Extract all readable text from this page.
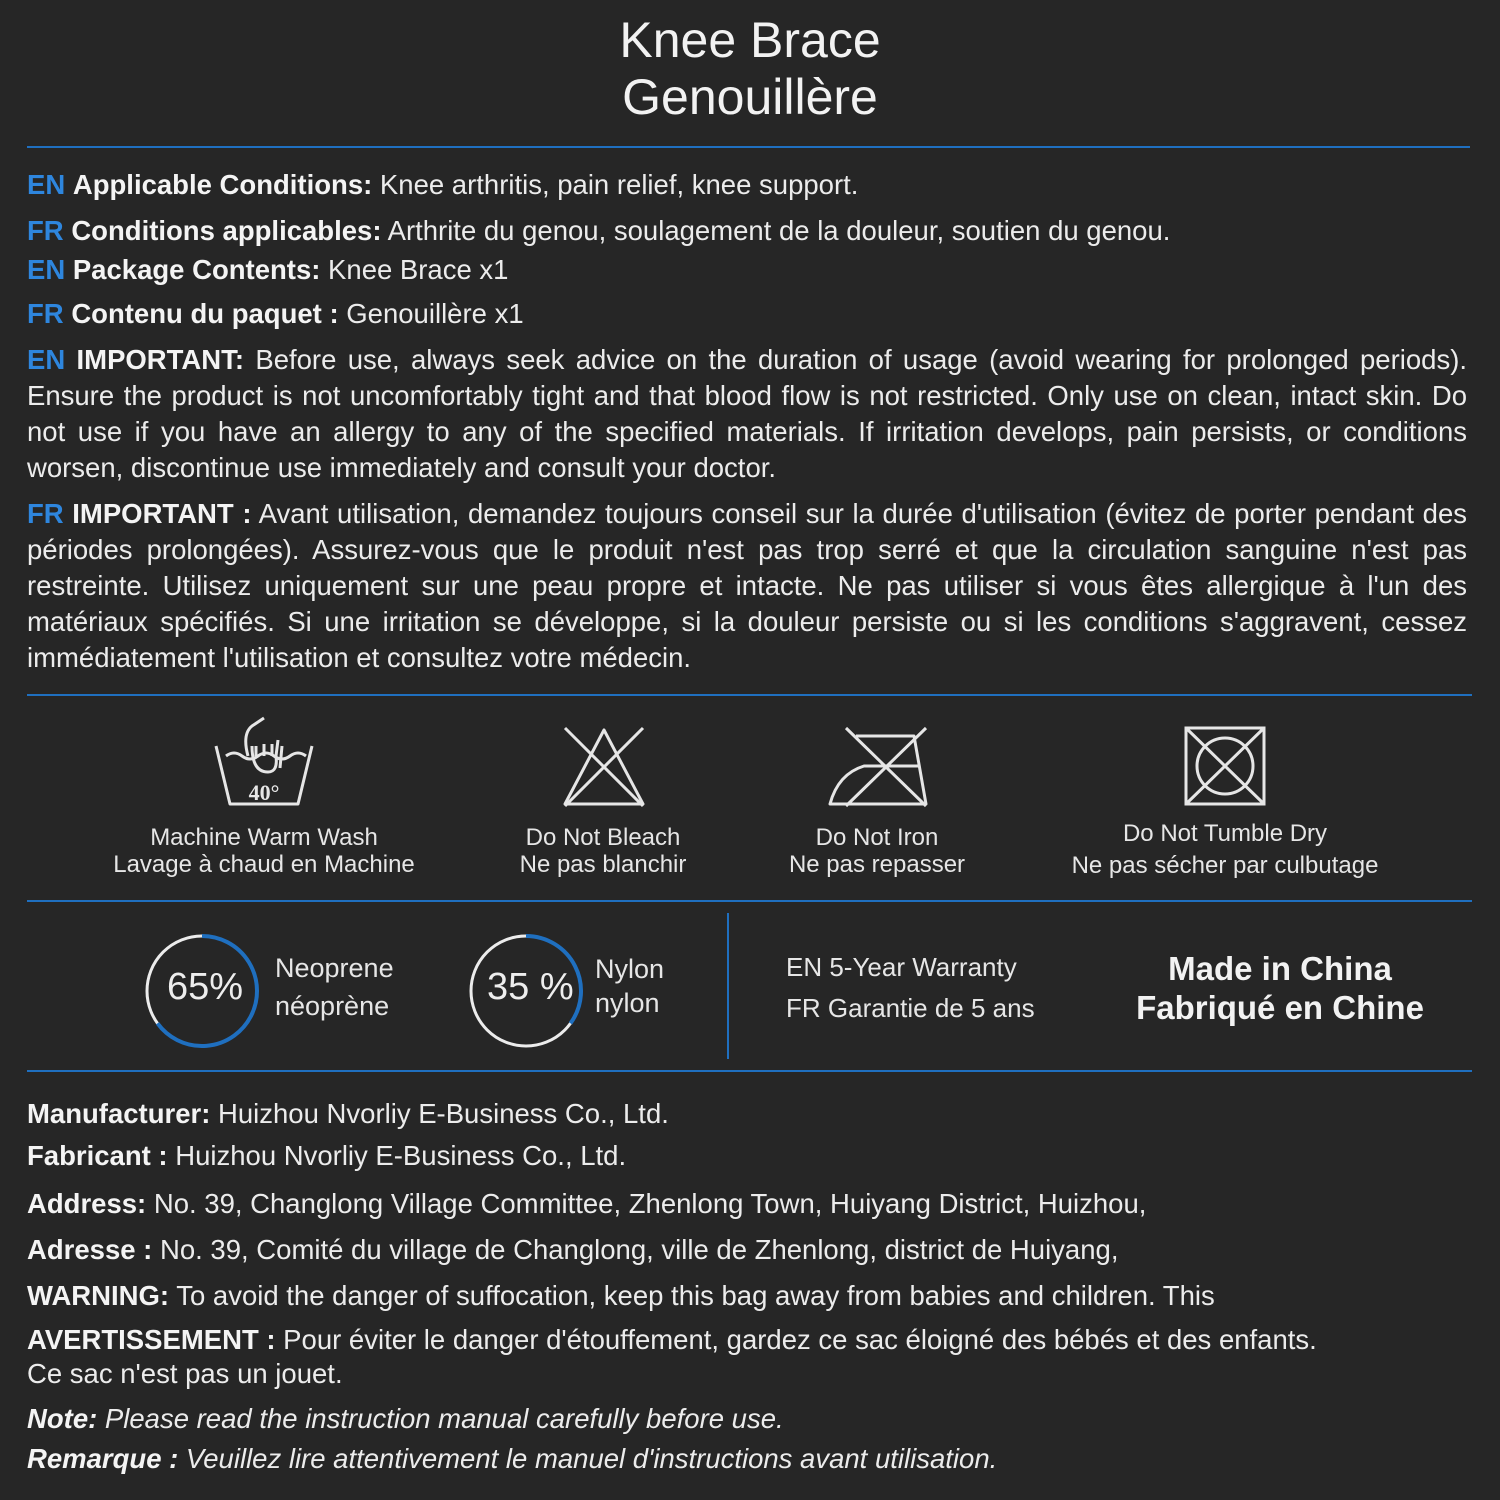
Knee Brace
Genouillère
EN Applicable Conditions: Knee arthritis, pain relief, knee support.
FR Conditions applicables: Arthrite du genou, soulagement de la douleur, soutien du genou.
EN Package Contents: Knee Brace x1
FR Contenu du paquet : Genouillère x1
EN IMPORTANT: Before use, always seek advice on the duration of usage (avoid wearing for prolonged periods). Ensure the product is not uncomfortably tight and that blood flow is not restricted. Only use on clean, intact skin. Do not use if you have an allergy to any of the specified materials. If irritation develops, pain persists, or conditions worsen, discontinue use immediately and consult your doctor.
FR IMPORTANT : Avant utilisation, demandez toujours conseil sur la durée d'utilisation (évitez de porter pendant des périodes prolongées). Assurez-vous que le produit n'est pas trop serré et que la circulation sanguine n'est pas restreinte. Utilisez uniquement sur une peau propre et intacte. Ne pas utiliser si vous êtes allergique à l'un des matériaux spécifiés. Si une irritation se développe, si la douleur persiste ou si les conditions s'aggravent, cessez immédiatement l'utilisation et consultez votre médecin.
40°
Machine Warm Wash
Lavage à chaud en Machine
Do Not Bleach
Ne pas blanchir
Do Not Iron
Ne pas repasser
Do Not Tumble Dry
Ne pas sécher par culbutage
65% Neoprene
néoprène	35 % Nylon
nylon
EN 5-Year Warranty
FR Garantie de 5 ans
Made in China
Fabriqué en Chine
Manufacturer: Huizhou Nvorliy E-Business Co., Ltd.
Fabricant : Huizhou Nvorliy E-Business Co., Ltd.
Address: No. 39, Changlong Village Committee, Zhenlong Town, Huiyang District, Huizhou,
Adresse : No. 39, Comité du village de Changlong, ville de Zhenlong, district de Huiyang,
WARNING: To avoid the danger of suffocation, keep this bag away from babies and children. This
AVERTISSEMENT : Pour éviter le danger d'étouffement, gardez ce sac éloigné des bébés et des enfants. Ce sac n'est pas un jouet.
Note: Please read the instruction manual carefully before use.
Remarque : Veuillez lire attentivement le manuel d'instructions avant utilisation.
